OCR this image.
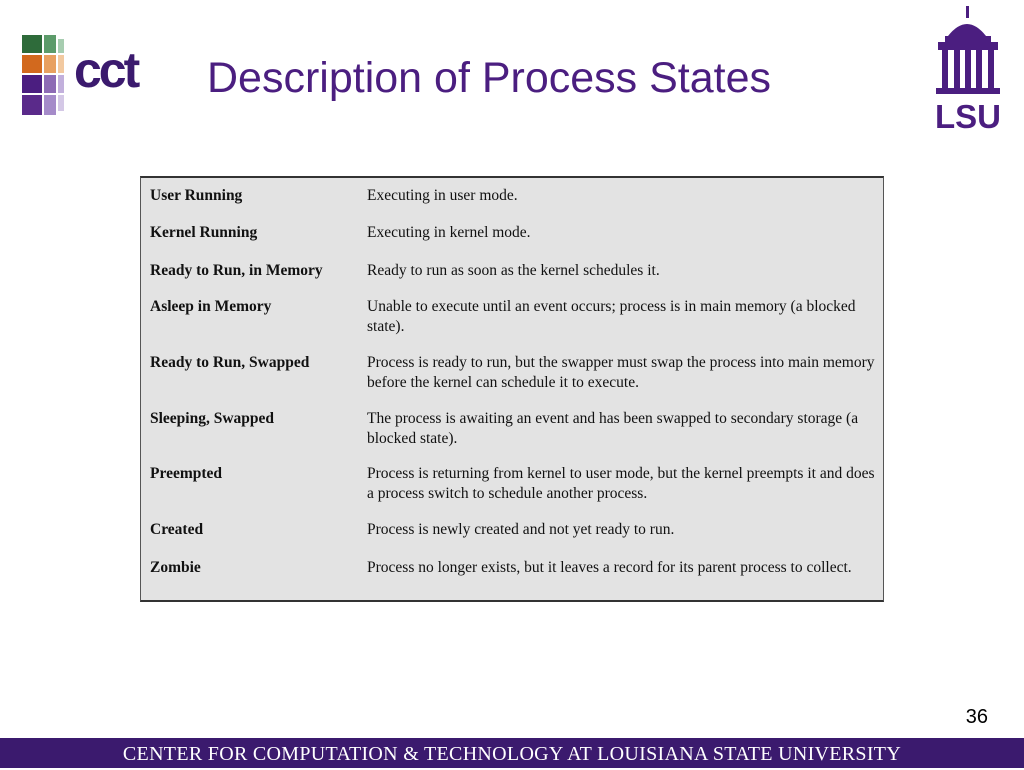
cct Description of Process States
LSU
User Running	Executing in user mode.
Kernel Running	Executing in kernel mode.
Ready to Run, in Memory	Ready to run as soon as the kernel schedules it.
Asleep in Memory	Unable to execute until an event occurs; process is in main memory (a blocked state).
Ready to Run, Swapped	Process is ready to run, but the swapper must swap the process into main memory before the kernel can schedule it to execute.
Sleeping, Swapped	The process is awaiting an event and has been swapped to secondary storage (a blocked state).
Preempted	Process is returning from kernel to user mode, but the kernel preempts it and does a process switch to schedule another process.
Created	Process is newly created and not yet ready to run.
Zombie	Process no longer exists, but it leaves a record for its parent process to collect.
36
CENTER FOR COMPUTATION & TECHNOLOGY AT LOUISIANA STATE UNIVERSITY
